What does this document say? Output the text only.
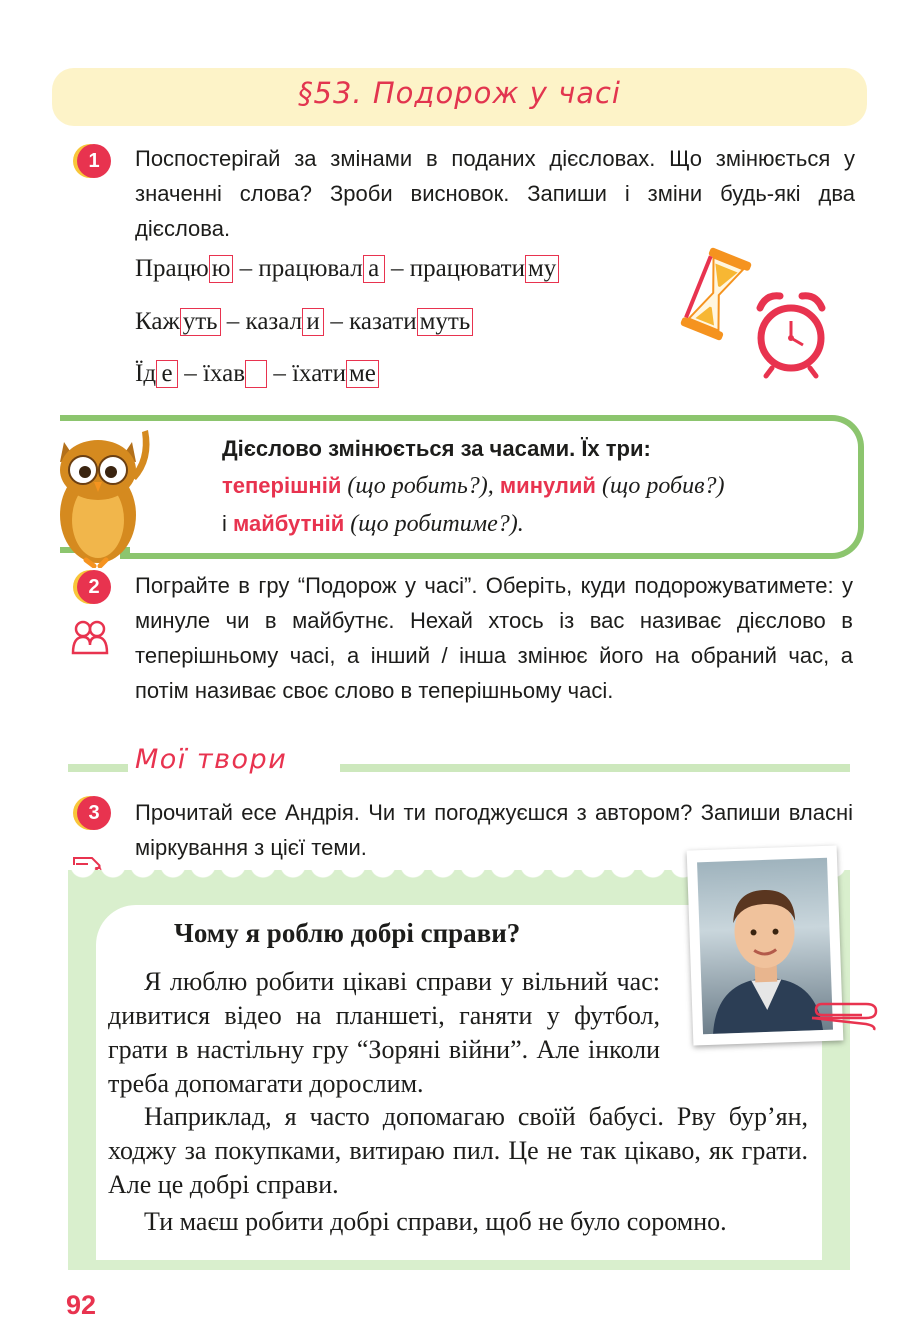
§53. Подорож у часі
1	Поспостерігай за змінами в поданих дієсловах. Що змінюється у значенні слова? Зроби висновок. Запиши і зміни будь-які два дієслова.
Працю ю – працювал а – працювати му
Каж уть – казал и – казати муть
Їд е – їхав  – їхати ме
Дієслово змінюється за часами. Їх три:
теперішній (що робить?), минулий (що робив?)
і майбутній (що робитиме?).
2	Пограйте в гру “Подорож у часі”. Оберіть, куди подорожуватимете: у минуле чи в майбутнє. Нехай хтось із вас називає дієслово в теперішньому часі, а інший / інша змінює його на обраний час, а потім називає своє слово в теперішньому часі.
Мої твори
3	Прочитай есе Андрія. Чи ти погоджуєшся з автором? Запиши власні міркування з цієї теми.
Чому я роблю добрі справи?
Я люблю робити цікаві справи у вільний час: дивитися відео на планшеті, ганяти у футбол, грати в настільну гру “Зоряні війни”. Але інколи треба допомагати дорослим.
Наприклад, я часто допомагаю своїй бабусі. Рву бур’ян, ходжу за покупками, витираю пил. Це не так цікаво, як грати. Але це добрі справи.
Ти маєш робити добрі справи, щоб не було соромно.
92
